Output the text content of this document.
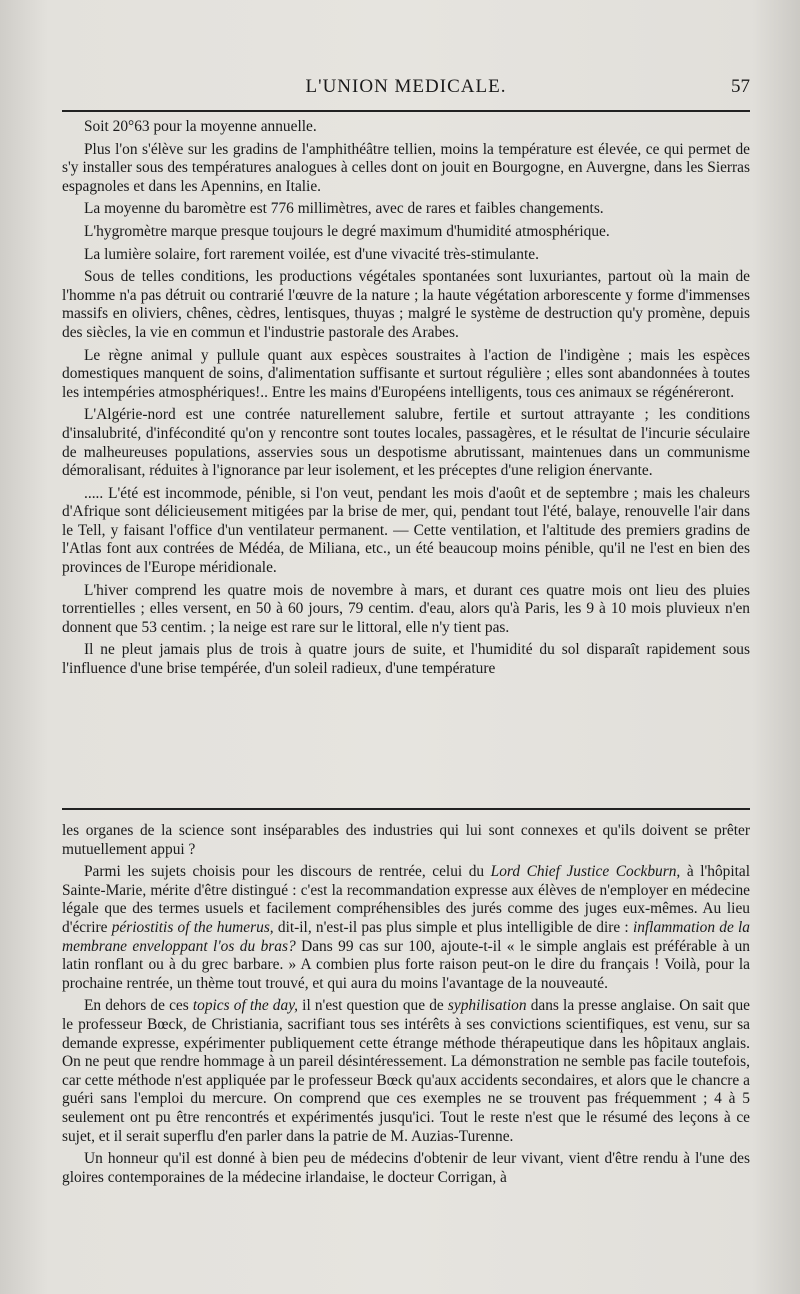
L'UNION MEDICALE.	57

Soit 20°63 pour la moyenne annuelle.

Plus l'on s'élève sur les gradins de l'amphithéâtre tellien, moins la température est élevée, ce qui permet de s'y installer sous des températures analogues à celles dont on jouit en Bourgogne, en Auvergne, dans les Sierras espagnoles et dans les Apennins, en Italie.

La moyenne du baromètre est 776 millimètres, avec de rares et faibles changements.

L'hygromètre marque presque toujours le degré maximum d'humidité atmosphérique.

La lumière solaire, fort rarement voilée, est d'une vivacité très-stimulante.

Sous de telles conditions, les productions végétales spontanées sont luxuriantes, partout où la main de l'homme n'a pas détruit ou contrarié l'œuvre de la nature ; la haute végétation arborescente y forme d'immenses massifs en oliviers, chênes, cèdres, lentisques, thuyas ; malgré le système de destruction qu'y promène, depuis des siècles, la vie en commun et l'industrie pastorale des Arabes.

Le règne animal y pullule quant aux espèces soustraites à l'action de l'indigène ; mais les espèces domestiques manquent de soins, d'alimentation suffisante et surtout régulière ; elles sont abandonnées à toutes les intempéries atmosphériques!.. Entre les mains d'Européens intelligents, tous ces animaux se régénéreront.

L'Algérie-nord est une contrée naturellement salubre, fertile et surtout attrayante ; les conditions d'insalubrité, d'infécondité qu'on y rencontre sont toutes locales, passagères, et le résultat de l'incurie séculaire de malheureuses populations, asservies sous un despotisme abrutissant, maintenues dans un communisme démoralisant, réduites à l'ignorance par leur isolement, et les préceptes d'une religion énervante.

..... L'été est incommode, pénible, si l'on veut, pendant les mois d'août et de septembre ; mais les chaleurs d'Afrique sont délicieusement mitigées par la brise de mer, qui, pendant tout l'été, balaye, renouvelle l'air dans le Tell, y faisant l'office d'un ventilateur permanent. — Cette ventilation, et l'altitude des premiers gradins de l'Atlas font aux contrées de Médéa, de Miliana, etc., un été beaucoup moins pénible, qu'il ne l'est en bien des provinces de l'Europe méridionale.

L'hiver comprend les quatre mois de novembre à mars, et durant ces quatre mois ont lieu des pluies torrentielles ; elles versent, en 50 à 60 jours, 79 centim. d'eau, alors qu'à Paris, les 9 à 10 mois pluvieux n'en donnent que 53 centim. ; la neige est rare sur le littoral, elle n'y tient pas.

Il ne pleut jamais plus de trois à quatre jours de suite, et l'humidité du sol disparaît rapidement sous l'influence d'une brise tempérée, d'un soleil radieux, d'une température

les organes de la science sont inséparables des industries qui lui sont connexes et qu'ils doivent se prêter mutuellement appui ?

Parmi les sujets choisis pour les discours de rentrée, celui du Lord Chief Justice Cockburn, à l'hôpital Sainte-Marie, mérite d'être distingué : c'est la recommandation expresse aux élèves de n'employer en médecine légale que des termes usuels et facilement compréhensibles des jurés comme des juges eux-mêmes. Au lieu d'écrire périostitis of the humerus, dit-il, n'est-il pas plus simple et plus intelligible de dire : inflammation de la membrane enveloppant l'os du bras? Dans 99 cas sur 100, ajoute-t-il « le simple anglais est préférable à un latin ronflant ou à du grec barbare. » A combien plus forte raison peut-on le dire du français ! Voilà, pour la prochaine rentrée, un thème tout trouvé, et qui aura du moins l'avantage de la nouveauté.

En dehors de ces topics of the day, il n'est question que de syphilisation dans la presse anglaise. On sait que le professeur Bœck, de Christiania, sacrifiant tous ses intérêts à ses convictions scientifiques, est venu, sur sa demande expresse, expérimenter publiquement cette étrange méthode thérapeutique dans les hôpitaux anglais. On ne peut que rendre hommage à un pareil désintéressement. La démonstration ne semble pas facile toutefois, car cette méthode n'est appliquée par le professeur Bœck qu'aux accidents secondaires, et alors que le chancre a guéri sans l'emploi du mercure. On comprend que ces exemples ne se trouvent pas fréquemment ; 4 à 5 seulement ont pu être rencontrés et expérimentés jusqu'ici. Tout le reste n'est que le résumé des leçons à ce sujet, et il serait superflu d'en parler dans la patrie de M. Auzias-Turenne.

Un honneur qu'il est donné à bien peu de médecins d'obtenir de leur vivant, vient d'être rendu à l'une des gloires contemporaines de la médecine irlandaise, le docteur Corrigan, à
